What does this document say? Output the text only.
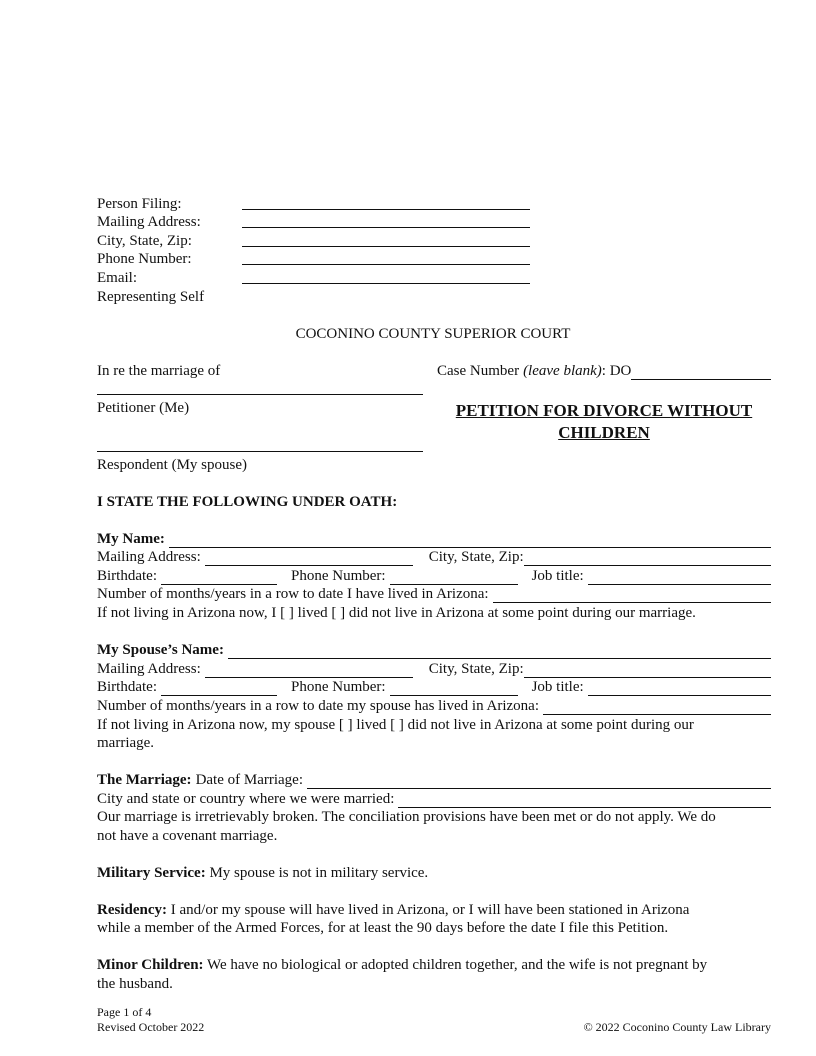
Person Filing:
Mailing Address:
City, State, Zip:
Phone Number:
Email:
Representing Self
COCONINO COUNTY SUPERIOR COURT
In re the marriage of
Petitioner (Me)
Respondent (My spouse)
Case Number (leave blank) : DO
PETITION FOR DIVORCE WITHOUT
CHILDREN
I STATE THE FOLLOWING UNDER OATH:
My Name:
Mailing Address:	City, State, Zip:
Birthdate:	Phone Number:	Job title:
Number of months/years in a row to date I have lived in Arizona:
If not living in Arizona now, I [ ] lived [ ] did not live in Arizona at some point during our marriage.
My Spouse’s Name:
Mailing Address:	City, State, Zip:
Birthdate:	Phone Number:	Job title:
Number of months/years in a row to date my spouse has lived in Arizona:
If not living in Arizona now, my spouse [ ] lived [ ] did not live in Arizona at some point during our
marriage.
The Marriage: Date of Marriage:
City and state or country where we were married:
Our marriage is irretrievably broken. The conciliation provisions have been met or do not apply. We do
not have a covenant marriage.
Military Service: My spouse is not in military service.
Residency: I and/or my spouse will have lived in Arizona, or I will have been stationed in Arizona
while a member of the Armed Forces, for at least the 90 days before the date I file this Petition.
Minor Children: We have no biological or adopted children together, and the wife is not pregnant by
the husband.
Page 1 of 4
Revised October 2022	© 2022 Coconino County Law Library
